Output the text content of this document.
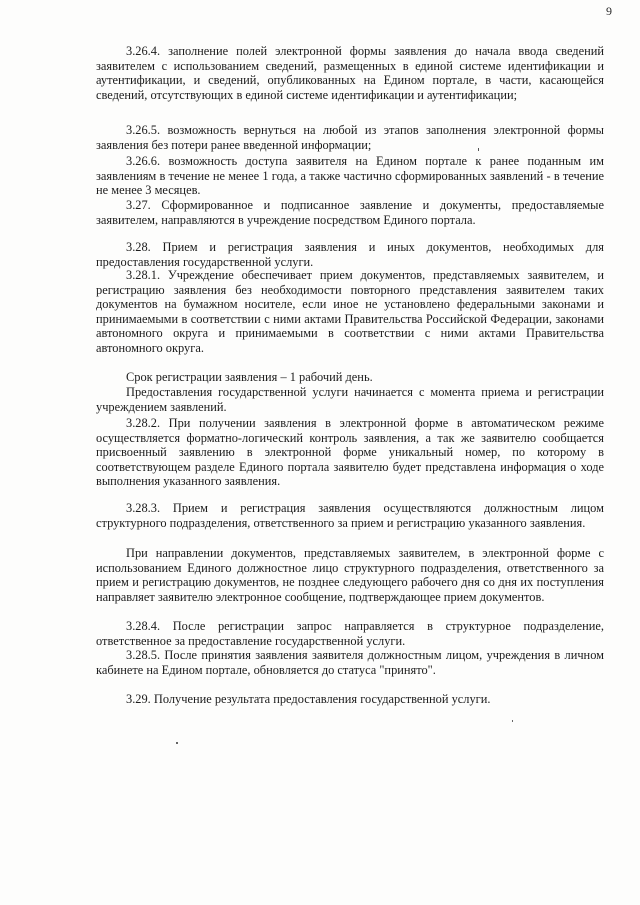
9

3.26.4. заполнение полей электронной формы заявления до начала ввода сведений заявителем с использованием сведений, размещенных в единой системе идентификации и аутентификации, и сведений, опубликованных на Едином портале, в части, касающейся сведений, отсутствующих в единой системе идентификации и аутентификации;

3.26.5. возможность вернуться на любой из этапов заполнения электронной формы заявления без потери ранее введенной информации;

3.26.6. возможность доступа заявителя на Едином портале к ранее поданным им заявлениям в течение не менее 1 года, а также частично сформированных заявлений - в течение не менее 3 месяцев.

3.27. Сформированное и подписанное заявление и документы, предоставляемые заявителем, направляются в учреждение посредством Единого портала.

3.28. Прием и регистрация заявления и иных документов, необходимых для предоставления государственной услуги.

3.28.1. Учреждение обеспечивает прием документов, представляемых заявителем, и регистрацию заявления без необходимости повторного представления заявителем таких документов на бумажном носителе, если иное не установлено федеральными законами и принимаемыми в соответствии с ними актами Правительства Российской Федерации, законами автономного округа и принимаемыми в соответствии с ними актами Правительства автономного округа.

Срок регистрации заявления – 1 рабочий день.

Предоставления государственной услуги начинается с момента приема и регистрации учреждением заявлений.

3.28.2. При получении заявления в электронной форме в автоматическом режиме осуществляется форматно-логический контроль заявления, а так же заявителю сообщается присвоенный заявлению в электронной форме уникальный номер, по которому в соответствующем разделе Единого портала заявителю будет представлена информация о ходе выполнения указанного заявления.

3.28.3. Прием и регистрация заявления осуществляются должностным лицом структурного подразделения, ответственного за прием и регистрацию указанного заявления.

При направлении документов, представляемых заявителем, в электронной форме с использованием Единого должностное лицо структурного подразделения, ответственного за прием и регистрацию документов, не позднее следующего рабочего дня со дня их поступления направляет заявителю электронное сообщение, подтверждающее прием документов.

3.28.4. После регистрации запрос направляется в структурное подразделение, ответственное за предоставление государственной услуги.

3.28.5. После принятия заявления заявителя должностным лицом, учреждения в личном кабинете на Едином портале, обновляется до статуса "принято".

3.29. Получение результата предоставления государственной услуги.
